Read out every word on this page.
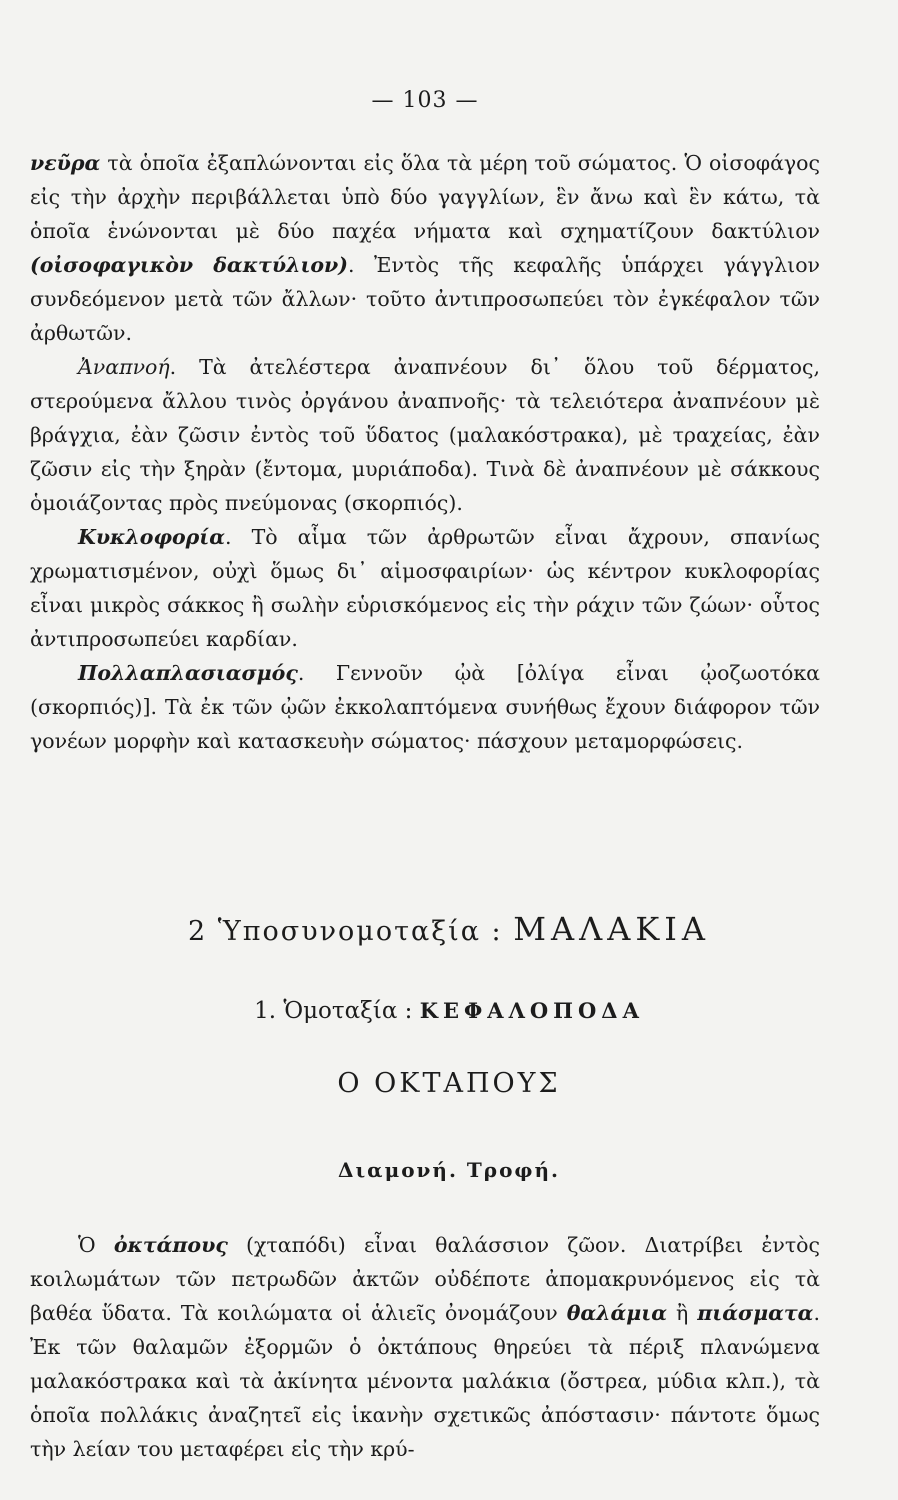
— 103 —

νεῦρα τὰ ὁποῖα ἐξαπλώνονται εἰς ὅλα τὰ μέρη τοῦ σώματος. Ὁ οἰσοφάγος εἰς τὴν ἀρχὴν περιβάλλεται ὑπὸ δύο γαγγλίων, ἓν ἄνω καὶ ἓν κάτω, τὰ ὁποῖα ἑνώνονται μὲ δύο παχέα νήματα καὶ σχηματίζουν δακτύλιον (οἰσοφαγικὸν δακτύλιον). Ἐντὸς τῆς κεφαλῆς ὑπάρχει γάγγλιον συνδεόμενον μετὰ τῶν ἄλλων· τοῦτο ἀντιπροσωπεύει τὸν ἐγκέφαλον τῶν ἀρθωτῶν.

Ἀναπνοή. Τὰ ἀτελέστερα ἀναπνέουν δι᾽ ὅλου τοῦ δέρματος, στερούμενα ἄλλου τινὸς ὀργάνου ἀναπνοῆς· τὰ τελειότερα ἀναπνέουν μὲ βράγχια, ἐὰν ζῶσιν ἐντὸς τοῦ ὕδατος (μαλακόστρακα), μὲ τραχείας, ἐὰν ζῶσιν εἰς τὴν ξηρὰν (ἔντομα, μυριάποδα). Τινὰ δὲ ἀναπνέουν μὲ σάκκους ὁμοιάζοντας πρὸς πνεύμονας (σκορπιός).

Κυκλοφορία. Τὸ αἷμα τῶν ἀρθρωτῶν εἶναι ἄχρουν, σπανίως χρωματισμένον, οὐχὶ ὅμως δι᾽ αἱμοσφαιρίων· ὡς κέντρον κυκλοφορίας εἶναι μικρὸς σάκκος ἢ σωλὴν εὑρισκόμενος εἰς τὴν ράχιν τῶν ζώων· οὗτος ἀντιπροσωπεύει καρδίαν.

Πολλαπλασιασμός. Γεννοῦν ᾠὰ [ὀλίγα εἶναι ᾠοζωοτόκα (σκορπιός)]. Τὰ ἐκ τῶν ᾠῶν ἐκκολαπτόμενα συνήθως ἔχουν διάφορον τῶν γονέων μορφὴν καὶ κατασκευὴν σώματος· πάσχουν μεταμορφώσεις.

2 Ὑποσυνομοταξία : ΜΑΛΑΚΙΑ
1. Ὁμοταξία : ΚΕΦΑΛΟΠΟΔΑ
Ο ΟΚΤΑΠΟΥΣ
Διαμονή. Τροφή.

Ὁ ὀκτάπους (χταπόδι) εἶναι θαλάσσιον ζῶον. Διατρίβει ἐντὸς κοιλωμάτων τῶν πετρωδῶν ἀκτῶν οὐδέποτε ἀπομακρυνόμενος εἰς τὰ βαθέα ὕδατα. Τὰ κοιλώματα οἱ ἁλιεῖς ὀνομάζουν θαλάμια ἢ πιάσματα. Ἐκ τῶν θαλαμῶν ἐξορμῶν ὁ ὀκτάπους θηρεύει τὰ πέριξ πλανώμενα μαλακόστρακα καὶ τὰ ἀκίνητα μένοντα μαλάκια (ὄστρεα, μύδια κλπ.), τὰ ὁποῖα πολλάκις ἀναζητεῖ εἰς ἱκανὴν σχετικῶς ἀπόστασιν· πάντοτε ὅμως τὴν λείαν του μεταφέρει εἰς τὴν κρύ-
